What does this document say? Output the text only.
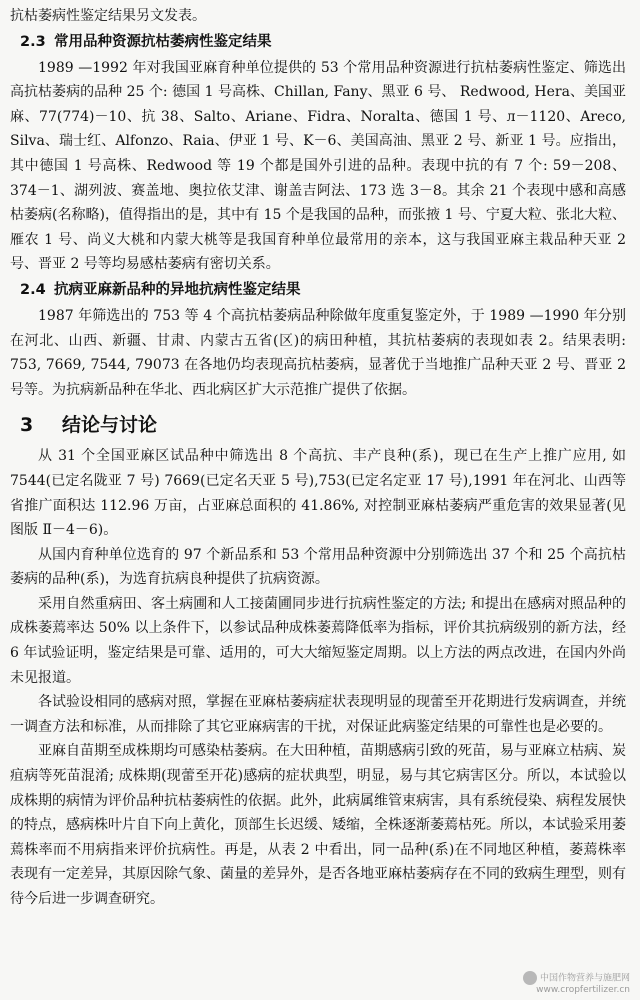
抗枯萎病性鉴定结果另文发表。

2.3 常用品种资源抗枯萎病性鉴定结果

1989 —1992 年对我国亚麻育种单位提供的 53 个常用品种资源进行抗枯萎病性鉴定、筛选出高抗枯萎病的品种 25 个: 德国 1 号高株、Chillan, Fany、黑亚 6 号、 Redwood, Hera、美国亚麻、77(774)－10、抗 38、Salto、Ariane、Fidra、Noralta、德国 1 号、л－1120、Areco, Silva、瑞士红、Alfonzo、Raia、伊亚 1 号、K－6、美国高油、黑亚 2 号、新亚 1 号。应指出，其中德国 1 号高株、Redwood 等 19 个都是国外引进的品种。表现中抗的有 7 个: 59－208、374－1、湖列波、赛盖地、奥拉依艾津、谢盖吉阿法、173 选 3－8。其余 21 个表现中感和高感枯萎病(名称略)，值得指出的是，其中有 15 个是我国的品种，而张掖 1 号、宁夏大粒、张北大粒、雁农 1 号、尚义大桃和内蒙大桃等是我国育种单位最常用的亲本，这与我国亚麻主栽品种天亚 2 号、晋亚 2 号等均易感枯萎病有密切关系。

2.4 抗病亚麻新品种的异地抗病性鉴定结果

1987 年筛选出的 753 等 4 个高抗枯萎病品种除做年度重复鉴定外，于 1989 —1990 年分别在河北、山西、新疆、甘肃、内蒙古五省(区)的病田种植，其抗枯萎病的表现如表 2。结果表明: 753, 7669, 7544, 79073 在各地仍均表现高抗枯萎病，显著优于当地推广品种天亚 2 号、晋亚 2 号等。为抗病新品种在华北、西北病区扩大示范推广提供了依据。

3 结论与讨论

从 31 个全国亚麻区试品种中筛选出 8 个高抗、丰产良种(系)，现已在生产上推广应用, 如 7544(已定名陇亚 7 号) 7669(已定名天亚 5 号),753(已定名定亚 17 号),1991 年在河北、山西等省推广面积达 112.96 万亩，占亚麻总面积的 41.86%, 对控制亚麻枯萎病严重危害的效果显著(见图版 Ⅱ－4－6)。

从国内育种单位选育的 97 个新品系和 53 个常用品种资源中分别筛选出 37 个和 25 个高抗枯萎病的品种(系)，为选育抗病良种提供了抗病资源。

采用自然重病田、客土病圃和人工接菌圃同步进行抗病性鉴定的方法; 和提出在感病对照品种的成株萎蔫率达 50% 以上条件下，以参试品种成株萎蔫降低率为指标，评价其抗病级别的新方法，经 6 年试验证明，鉴定结果是可靠、适用的，可大大缩短鉴定周期。以上方法的两点改进，在国内外尚未见报道。

各试验设相同的感病对照，掌握在亚麻枯萎病症状表现明显的现蕾至开花期进行发病调查，并统一调查方法和标准，从而排除了其它亚麻病害的干扰，对保证此病鉴定结果的可靠性也是必要的。

亚麻自苗期至成株期均可感染枯萎病。在大田种植，苗期感病引致的死苗，易与亚麻立枯病、炭疽病等死苗混淆; 成株期(现蕾至开花)感病的症状典型，明显，易与其它病害区分。所以，本试验以成株期的病情为评价品种抗枯萎病性的依据。此外，此病属维管束病害，具有系统侵染、病程发展快的特点，感病株叶片自下向上黄化，顶部生长迟缓、矮缩，全株逐渐萎蔫枯死。所以，本试验采用萎蔫株率而不用病指来评价抗病性。再是，从表 2 中看出，同一品种(系)在不同地区种植，萎蔫株率表现有一定差异，其原因除气象、菌量的差异外，是否各地亚麻枯萎病存在不同的致病生理型，则有待今后进一步调查研究。

中国作物营养与施肥网
www.cropfertilizer.cn
